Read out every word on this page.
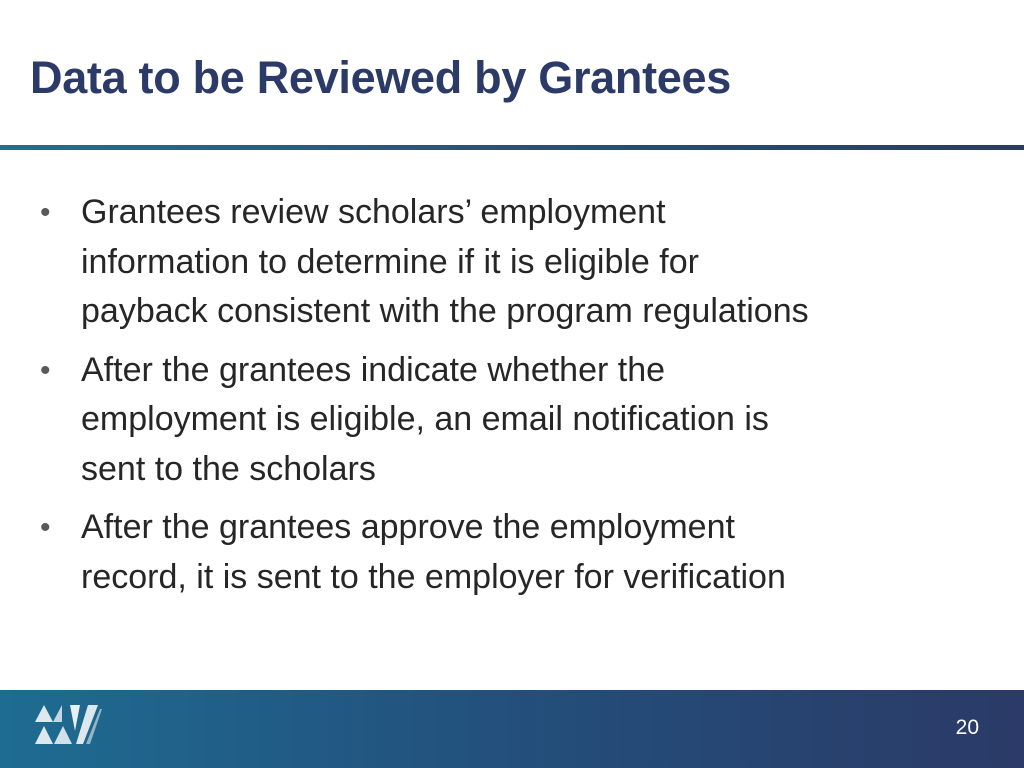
Data to be Reviewed by Grantees
• Grantees review scholars’ employment
information to determine if it is eligible for
payback consistent with the program regulations
• After the grantees indicate whether the
employment is eligible, an email notification is
sent to the scholars
• After the grantees approve the employment
record, it is sent to the employer for verification
20
